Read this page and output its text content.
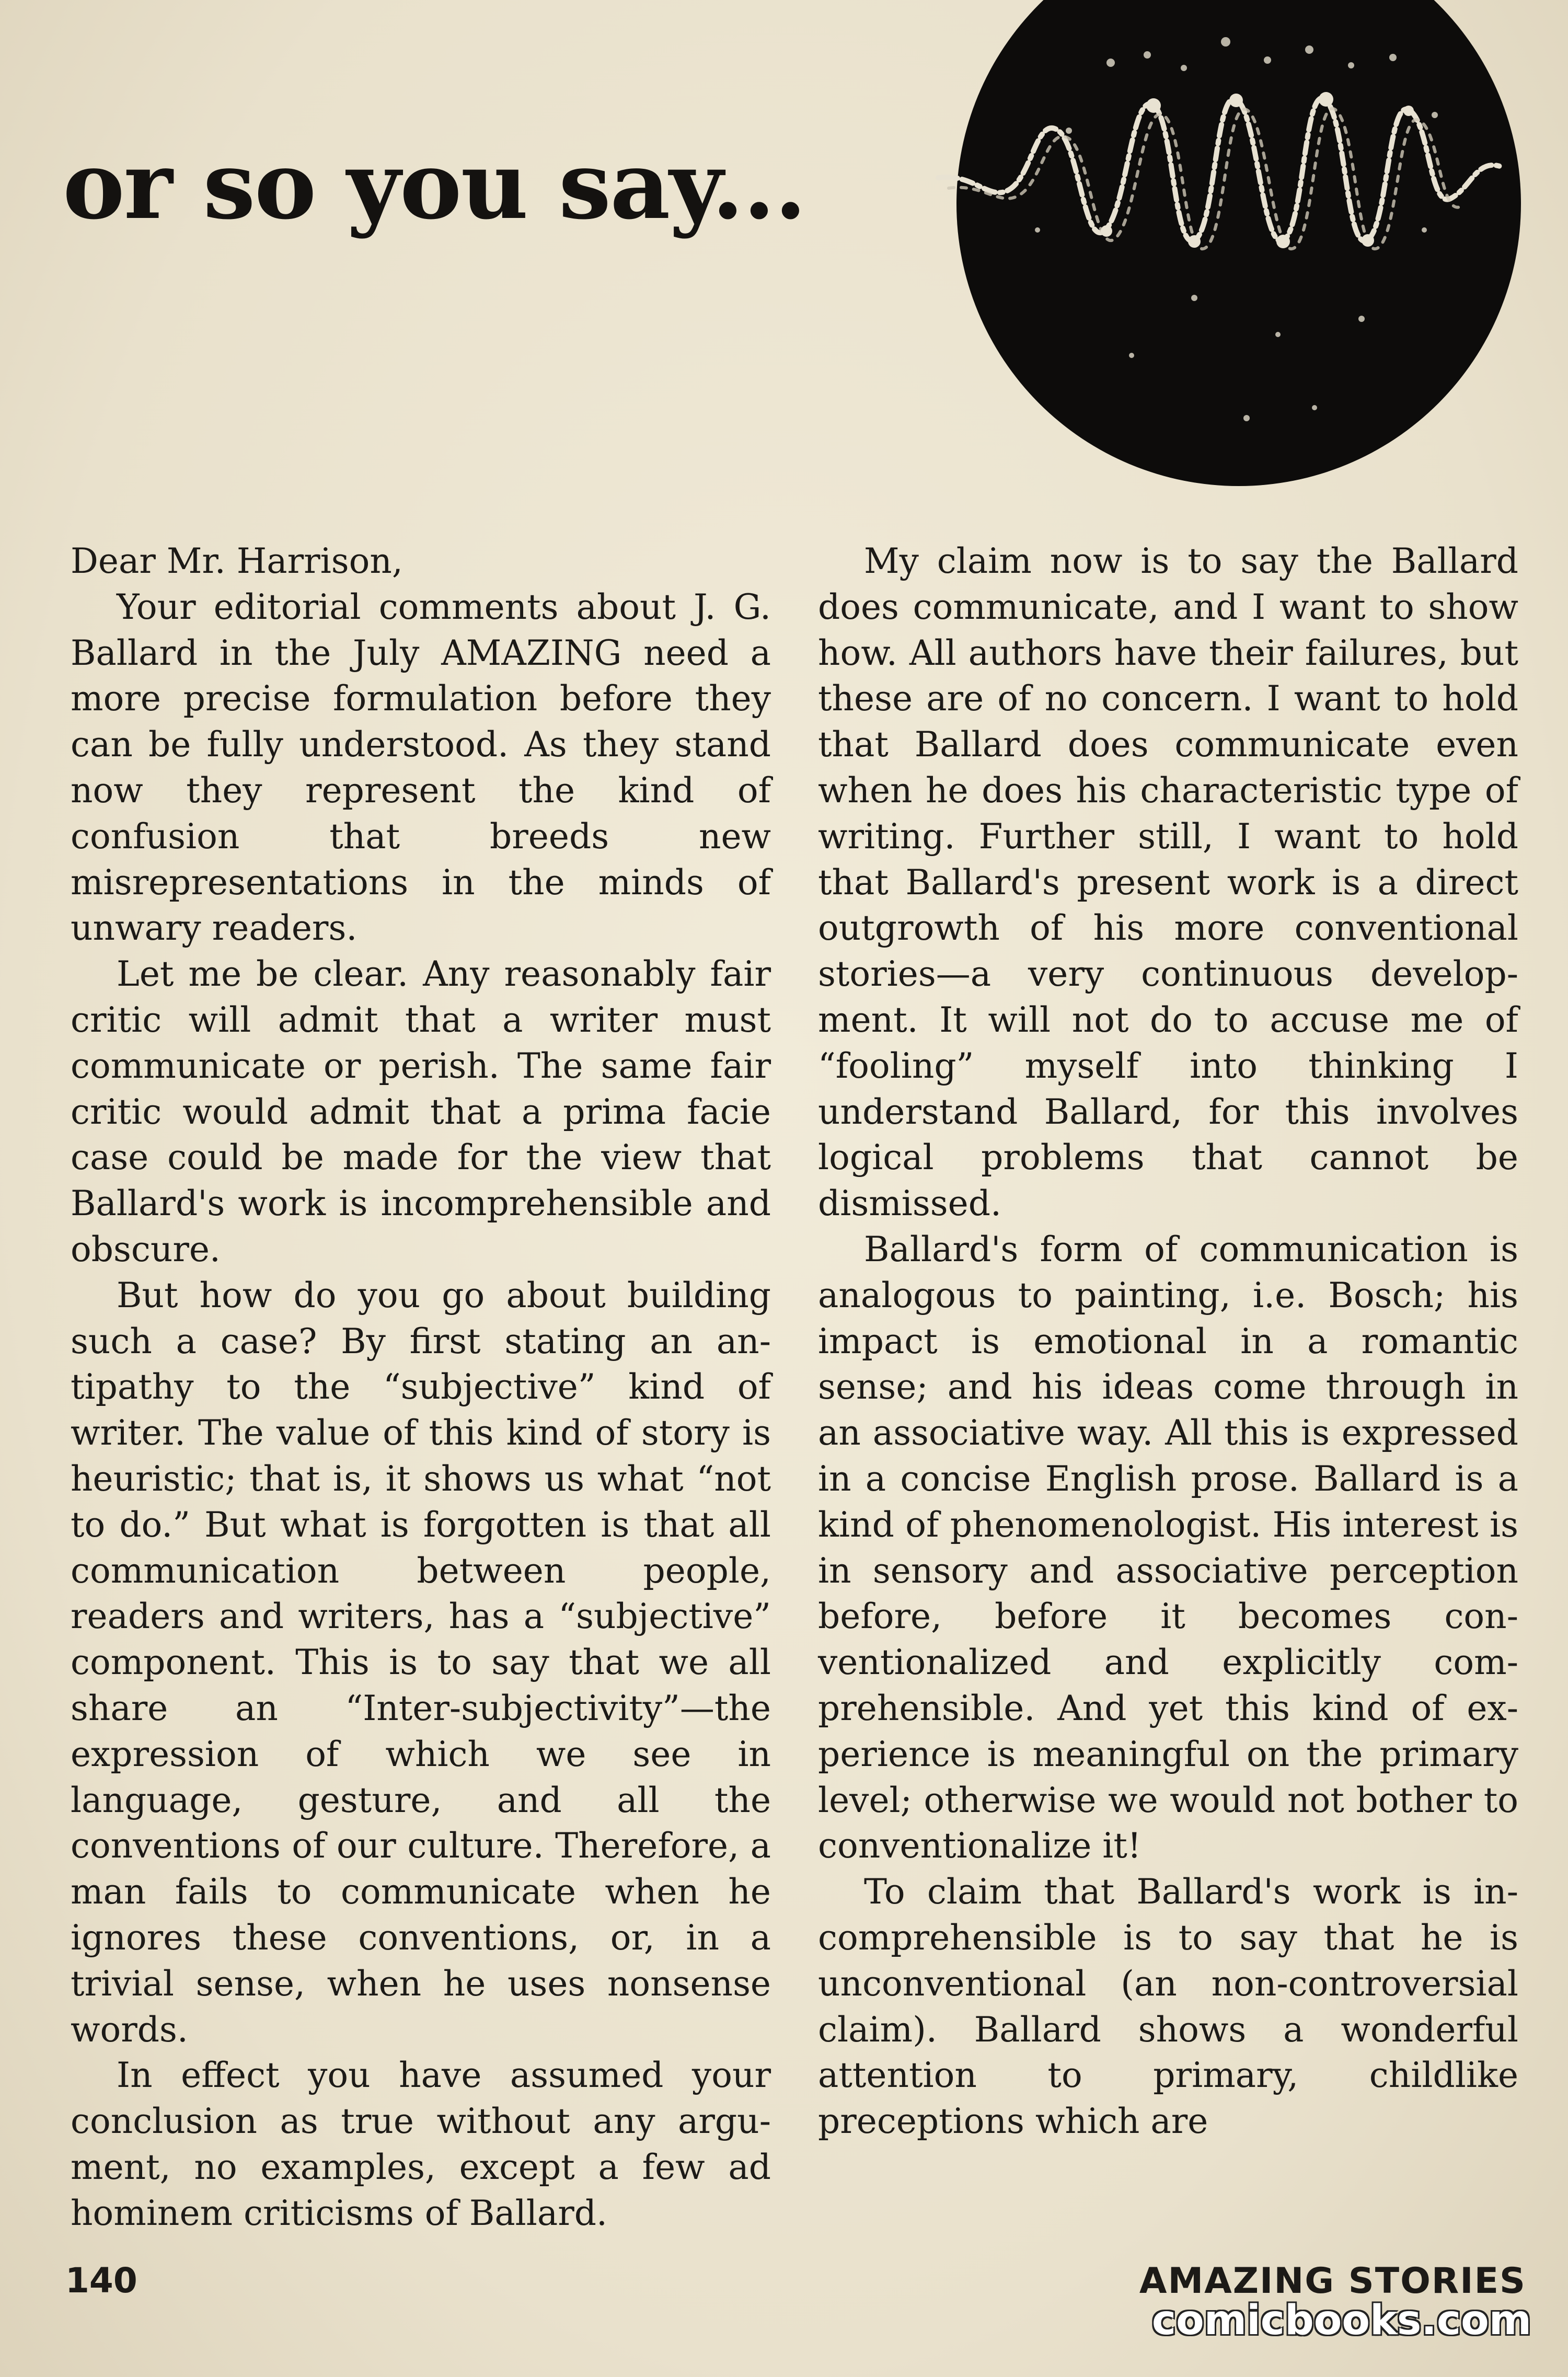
or so you say...

Dear Mr. Harrison,

Your editorial comments about J. G. Ballard in the July AMAZING need a more precise formulation before they can be fully understood. As they stand now they represent the kind of confusion that breeds new misrepresentations in the minds of unwary readers.

Let me be clear. Any reasonably fair critic will admit that a writer must communicate or perish. The same fair critic would admit that a prima facie case could be made for the view that Ballard's work is incomprehensible and obscure.

But how do you go about building such a case? By first stating an antipathy to the “subjective” kind of writer. The value of this kind of story is heuristic; that is, it shows us what “not to do.” But what is forgotten is that all communication between people, readers and writers, has a “subjective” component. This is to say that we all share an “Inter-subjectivity”—the expression of which we see in language, gesture, and all the conventions of our culture. Therefore, a man fails to communicate when he ignores these conventions, or, in a trivial sense, when he uses nonsense words.

In effect you have assumed your conclusion as true without any argument, no examples, except a few ad hominem criticisms of Ballard.

My claim now is to say the Ballard does communicate, and I want to show how. All authors have their failures, but these are of no concern. I want to hold that Ballard does communicate even when he does his characteristic type of writing. Further still, I want to hold that Ballard's present work is a direct outgrowth of his more conventional stories—a very continuous development. It will not do to accuse me of “fooling” myself into thinking I understand Ballard, for this involves logical problems that cannot be dismissed.

Ballard's form of communication is analogous to painting, i.e. Bosch; his impact is emotional in a romantic sense; and his ideas come through in an associative way. All this is expressed in a concise English prose. Ballard is a kind of phenomenologist. His interest is in sensory and associative perception before, before it becomes conventionalized and explicitly comprehensible. And yet this kind of experience is meaningful on the primary level; otherwise we would not bother to conventionalize it!

To claim that Ballard's work is incomprehensible is to say that he is unconventional (an non-controversial claim). Ballard shows a wonderful attention to primary, childlike preceptions which are

140	AMAZING STORIES
comicbooks.com
